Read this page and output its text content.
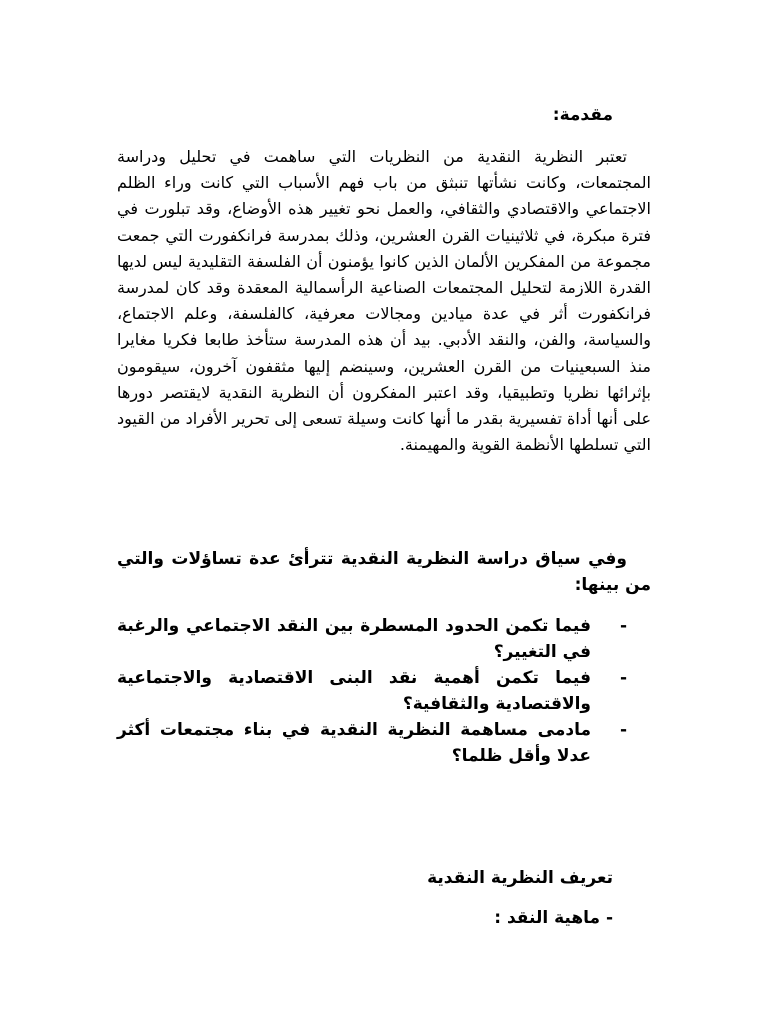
مقدمة:
تعتبر النظرية النقدية من النظريات التي ساهمت في تحليل ودراسة المجتمعات، وكانت نشأتها تنبثق من باب فهم الأسباب التي كانت وراء الظلم الاجتماعي والاقتصادي والثقافي، والعمل نحو تغيير هذه الأوضاع، وقد تبلورت في فترة مبكرة، في ثلاثينيات القرن العشرين، وذلك بمدرسة فرانكفورت التي جمعت مجموعة من المفكرين الألمان الذين كانوا يؤمنون أن الفلسفة التقليدية ليس لديها القدرة اللازمة لتحليل المجتمعات الصناعية الرأسمالية المعقدة وقد كان لمدرسة فرانكفورت أثر في عدة ميادين ومجالات معرفية، كالفلسفة، وعلم الاجتماع، والسياسة، والفن، والنقد الأدبي. بيد أن هذه المدرسة ستأخذ طابعا فكريا مغايرا منذ السبعينيات من القرن العشرين، وسينضم إليها مثقفون آخرون، سيقومون بإثرائها نظريا وتطبيقيا، وقد اعتبر المفكرون أن النظرية النقدية لايقتصر دورها على أنها أداة تفسيرية بقدر ما أنها كانت وسيلة تسعى إلى تحرير الأفراد من القيود التي تسلطها الأنظمة القوية والمهيمنة.
وفي سياق دراسة النظرية النقدية تترأئ عدة تساؤلات والتي من بينها:
-
فيما تكمن الحدود المسطرة بين النقد الاجتماعي والرغبة في التغيير؟
-
فيما تكمن أهمية نقد البنى الاقتصادية والاجتماعية والاقتصادية والثقافية؟
-
مادمى مساهمة النظرية النقدية في بناء مجتمعات أكثر عدلا وأقل ظلما؟
تعريف النظرية النقدية
- ماهية النقد :
